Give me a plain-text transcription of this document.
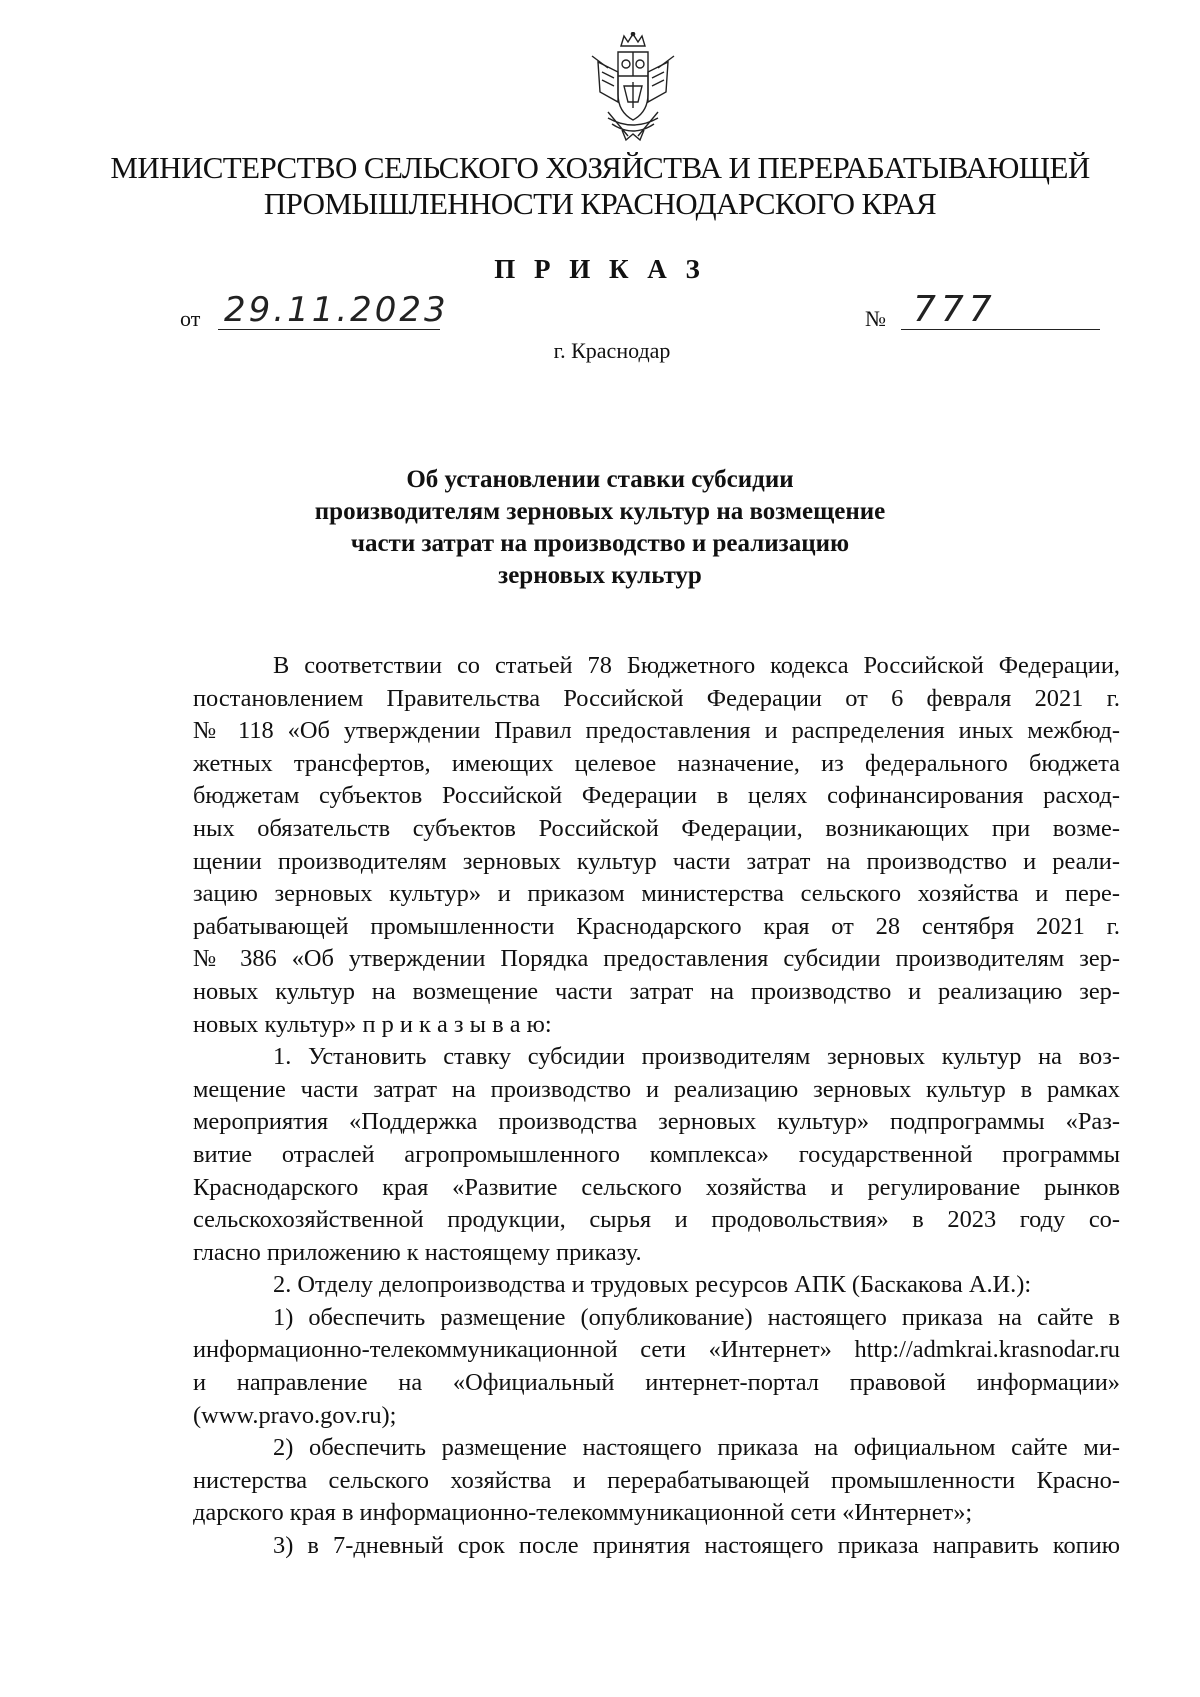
МИНИСТЕРСТВО СЕЛЬСКОГО ХОЗЯЙСТВА И ПЕРЕРАБАТЫВАЮЩЕЙ
ПРОМЫШЛЕННОСТИ КРАСНОДАРСКОГО КРАЯ
П Р И К А З
от 29.11.2023	№ 777
г. Краснодар
Об установлении ставки субсидии
производителям зерновых культур на возмещение
части затрат на производство и реализацию
зерновых культур
В соответствии со статьей 78 Бюджетного кодекса Российской Федерации,
постановлением Правительства Российской Федерации от 6 февраля 2021 г.
№ 118 «Об утверждении Правил предоставления и распределения иных межбюд-
жетных трансфертов, имеющих целевое назначение, из федерального бюджета
бюджетам субъектов Российской Федерации в целях софинансирования расход-
ных обязательств субъектов Российской Федерации, возникающих при возме-
щении производителям зерновых культур части затрат на производство и реали-
зацию зерновых культур» и приказом министерства сельского хозяйства и пере-
рабатывающей промышленности Краснодарского края от 28 сентября 2021 г.
№ 386 «Об утверждении Порядка предоставления субсидии производителям зер-
новых культур на возмещение части затрат на производство и реализацию зер-
новых культур» п р и к а з ы в а ю:
1. Установить ставку субсидии производителям зерновых культур на воз-
мещение части затрат на производство и реализацию зерновых культур в рамках
мероприятия «Поддержка производства зерновых культур» подпрограммы «Раз-
витие отраслей агропромышленного комплекса» государственной программы
Краснодарского края «Развитие сельского хозяйства и регулирование рынков
сельскохозяйственной продукции, сырья и продовольствия» в 2023 году со-
гласно приложению к настоящему приказу.
2. Отделу делопроизводства и трудовых ресурсов АПК (Баскакова А.И.):
1) обеспечить размещение (опубликование) настоящего приказа на сайте в
информационно-телекоммуникационной сети «Интернет» http://admkrai.krasnodar.ru
и направление на «Официальный интернет-портал правовой информации»
(www.pravo.gov.ru);
2) обеспечить размещение настоящего приказа на официальном сайте ми-
нистерства сельского хозяйства и перерабатывающей промышленности Красно-
дарского края в информационно-телекоммуникационной сети «Интернет»;
3) в 7-дневный срок после принятия настоящего приказа направить копию
